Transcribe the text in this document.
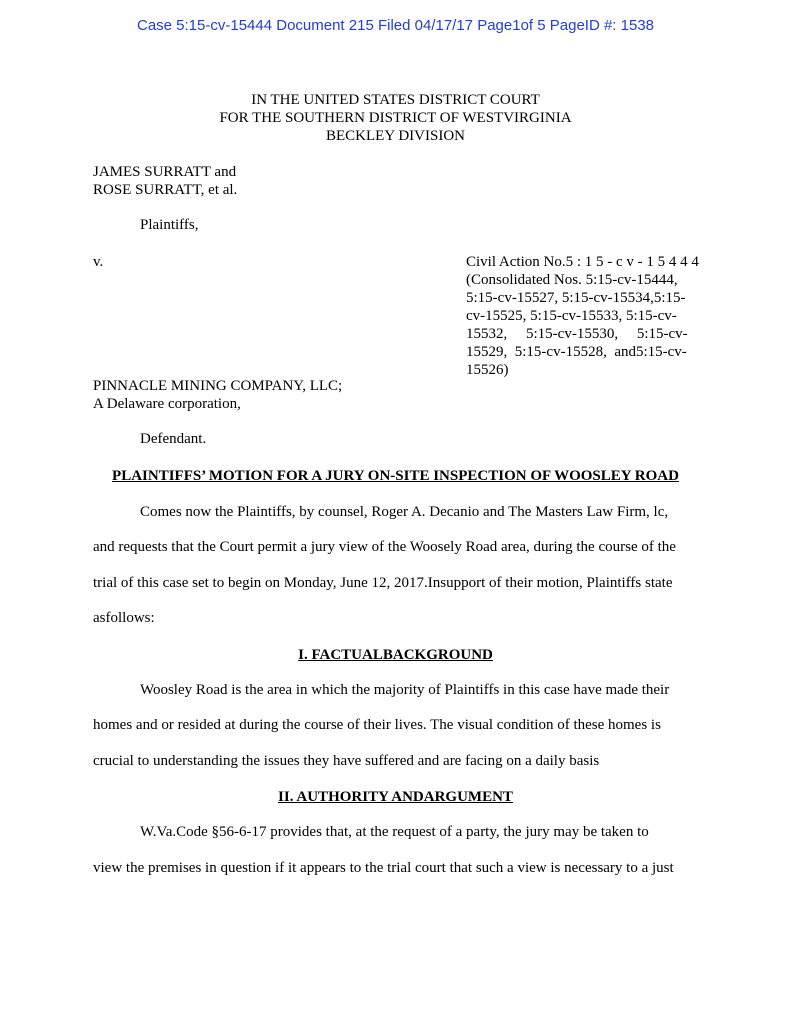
Case 5:15-cv-15444 Document 215 Filed 04/17/17 Page1of 5 PageID #: 1538
IN THE UNITED STATES DISTRICT COURT
FOR THE SOUTHERN DISTRICT OF WESTVIRGINIA
BECKLEY DIVISION
JAMES SURRATT and
ROSE SURRATT, et al.
Plaintiffs,
v.
PINNACLE MINING COMPANY, LLC;
A Delaware corporation,
Defendant.
Civil Action No.5 : 1 5 - c v - 1 5 4 4 4
(Consolidated Nos. 5:15-cv-15444,
5:15-cv-15527, 5:15-cv-15534,5:15-
cv-15525, 5:15-cv-15533, 5:15-cv-
15532,     5:15-cv-15530,     5:15-cv-
15529,  5:15-cv-15528,  and5:15-cv-
15526)
PLAINTIFFS’ MOTION FOR A JURY ON-SITE INSPECTION OF WOOSLEY ROAD
Comes now the Plaintiffs, by counsel, Roger A. Decanio and The Masters Law Firm, lc,
and requests that the Court permit a jury view of the Woosely Road area, during the course of the
trial of this case set to begin on Monday, June 12, 2017.Insupport of their motion, Plaintiffs state
asfollows:
I. FACTUALBACKGROUND
Woosley Road is the area in which the majority of Plaintiffs in this case have made their
homes and or resided at during the course of their lives. The visual condition of these homes is
crucial to understanding the issues they have suffered and are facing on a daily basis
II. AUTHORITY ANDARGUMENT
W.Va.Code §56-6-17 provides that, at the request of a party, the jury may be taken to
view the premises in question if it appears to the trial court that such a view is necessary to a just
